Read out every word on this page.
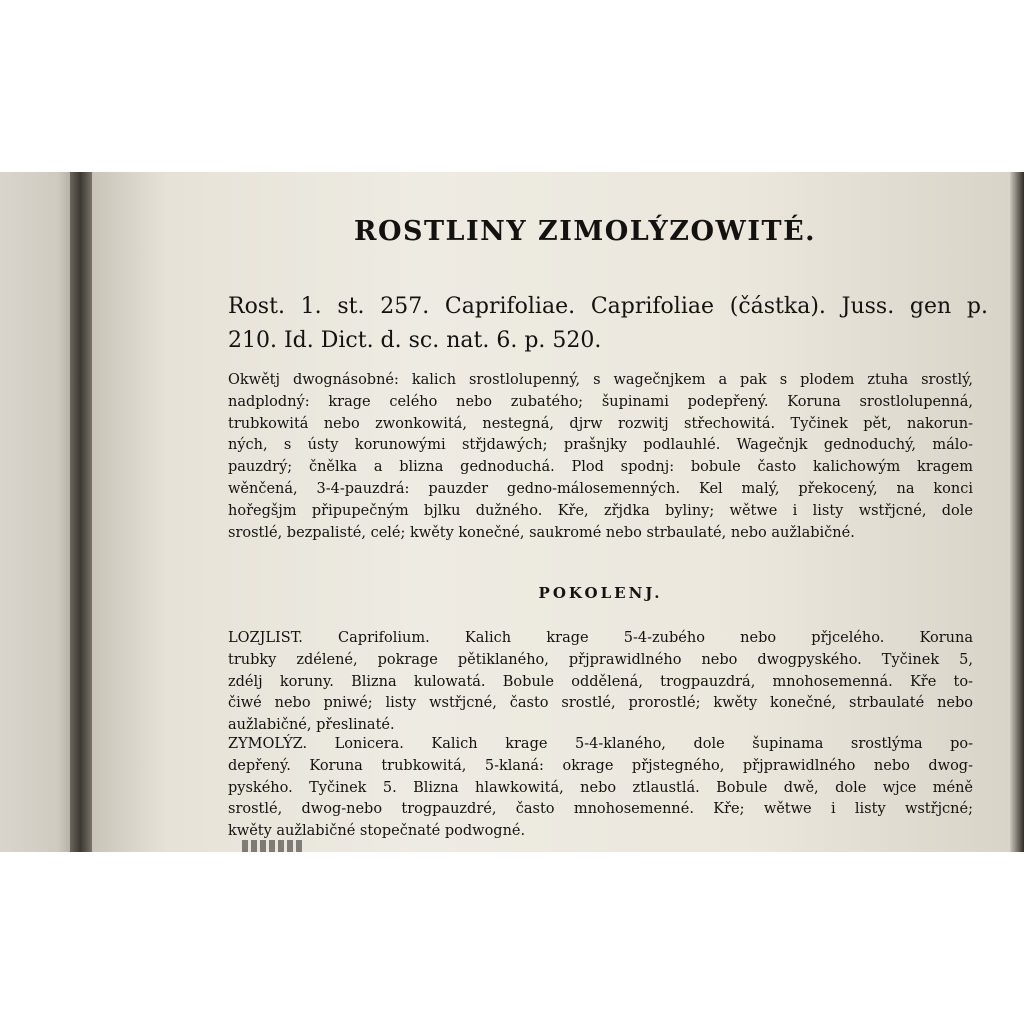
ROSTLINY ZIMOLÝZOWITÉ.
Rost. 1. st. 257. Caprifoliae. Caprifoliae (částka). Juss. gen p.
210. Id. Dict. d. sc. nat. 6. p. 520.
Okwětj dwognásobné: kalich srostlolupenný, s wagečnjkem a pak s plodem ztuha srostlý,
nadplodný: krage celého nebo zubatého; šupinami podepřený. Koruna srostlolupenná,
trubkowitá nebo zwonkowitá, nestegná, djrw rozwitj střechowitá. Tyčinek pět, nakorun-
ných, s ústy korunowými střjdawých; prašnjky podlauhlé. Wagečnjk gednoduchý, málo-
pauzdrý; čnělka a blizna gednoduchá. Plod spodnj: bobule často kalichowým kragem
wěnčená, 3-4-pauzdrá: pauzder gedno-málosemenných. Kel malý, překocený, na konci
hořegšjm připupečným bjlku dužného. Kře, zřjdka byliny; wětwe i listy wstřjcné, dole
srostlé, bezpalisté, celé; kwěty konečné, saukromé nebo strbaulaté, nebo aužlabičné.
POKOLENJ.
LOZJLIST. Caprifolium. Kalich krage 5-4-zubého nebo přjcelého. Koruna
trubky zdélené, pokrage pětiklaného, přjprawidlného nebo dwogpyského. Tyčinek 5,
zdélj koruny. Blizna kulowatá. Bobule oddělená, trogpauzdrá, mnohosemenná. Kře to-
čiwé nebo pniwé; listy wstřjcné, často srostlé, prorostlé; kwěty konečné, strbaulaté nebo
aužlabičné, přeslinaté.
ZYMOLÝZ. Lonicera. Kalich krage 5-4-klaného, dole šupinama srostlýma po-
depřený. Koruna trubkowitá, 5-klaná: okrage přjstegného, přjprawidlného nebo dwog-
pyského. Tyčinek 5. Blizna hlawkowitá, nebo ztlaustlá. Bobule dwě, dole wjce méně
srostlé, dwog-nebo trogpauzdré, často mnohosemenné. Kře; wětwe i listy wstřjcné;
kwěty aužlabičné stopečnaté podwogné.
